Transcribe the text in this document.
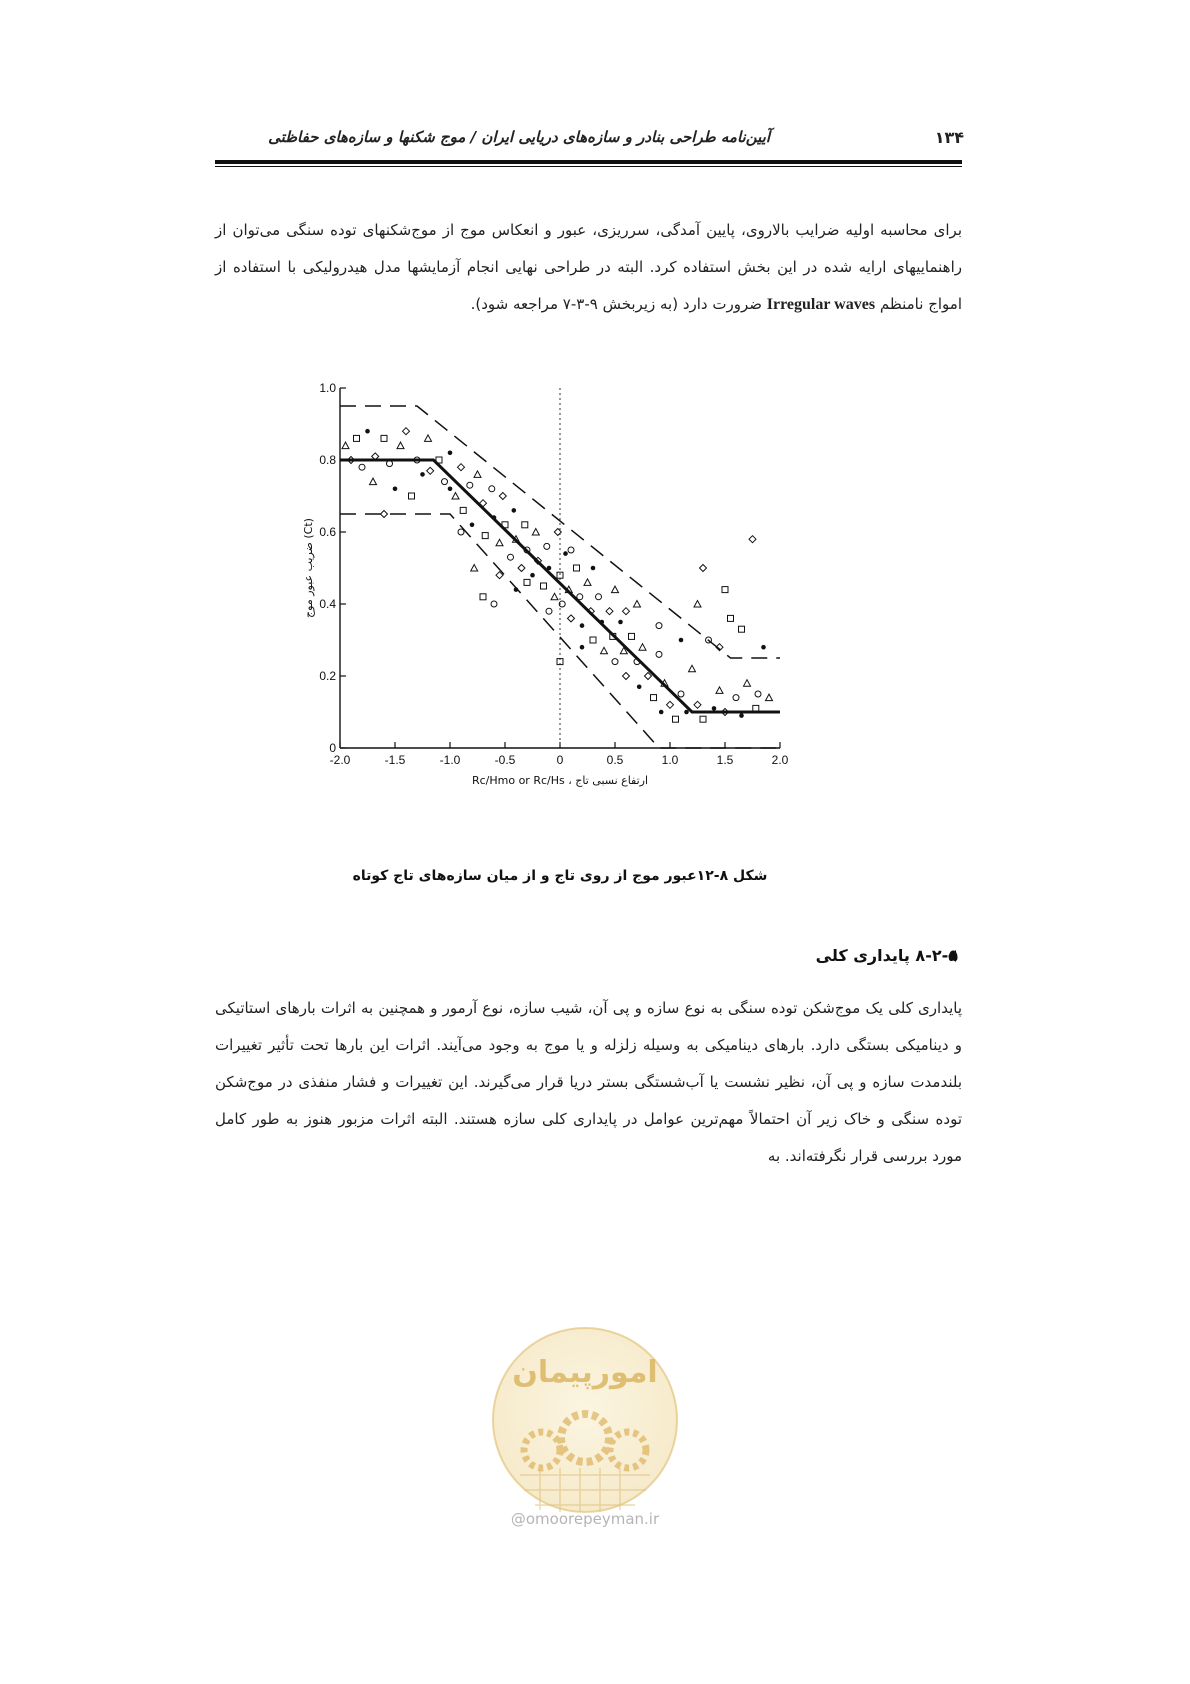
آیین‌نامه طراحی بنادر و سازه‌های دریایی ایران / موج شکنها و سازه‌های حفاظتی	۱۳۴
برای محاسبه اولیه ضرایب بالاروی، پایین آمدگی، سرریزی، عبور و انعکاس موج از موج‌شکنهای توده سنگی می‌توان از راهنماییهای ارایه شده در این بخش استفاده کرد. البته در طراحی نهایی انجام آزمایشها مدل هیدرولیکی با استفاده از امواج نامنظم Irregular waves ضرورت دارد (به زیربخش ۹-۳-۷ مراجعه شود).
-2.0	-1.5	-1.0	-0.5	0	0.5	1.0	1.5	2.0
0
0.2
0.4
0.6
0.8
1.0
ارتفاع نسبی تاج ، Rc/Hmo or Rc/Hs
ضریب عبور موج (Ct)
شکل ۸-۱۲عبور موج از روی تاج و از میان سازه‌های تاج کوتاه
۸-۲-۵ پایداری کلی
پایداری کلی یک موج‌شکن توده سنگی به نوع سازه و پی آن، شیب سازه، نوع آرمور و همچنین به اثرات بارهای استاتیکی و دینامیکی بستگی دارد. بارهای دینامیکی به وسیله زلزله و یا موج به وجود می‌آیند. اثرات این بارها تحت تأثیر تغییرات بلندمدت سازه و پی آن، نظیر نشست یا آب‌شستگی بستر دریا قرار می‌گیرند. این تغییرات و فشار منفذی در موج‌شکن توده سنگی و خاک زیر آن احتمالاً مهم‌ترین عوامل در پایداری کلی سازه هستند. البته اثرات مزبور هنوز به طور کامل مورد بررسی قرار نگرفته‌اند. به
امورپیمان
@omoorepeyman.ir
